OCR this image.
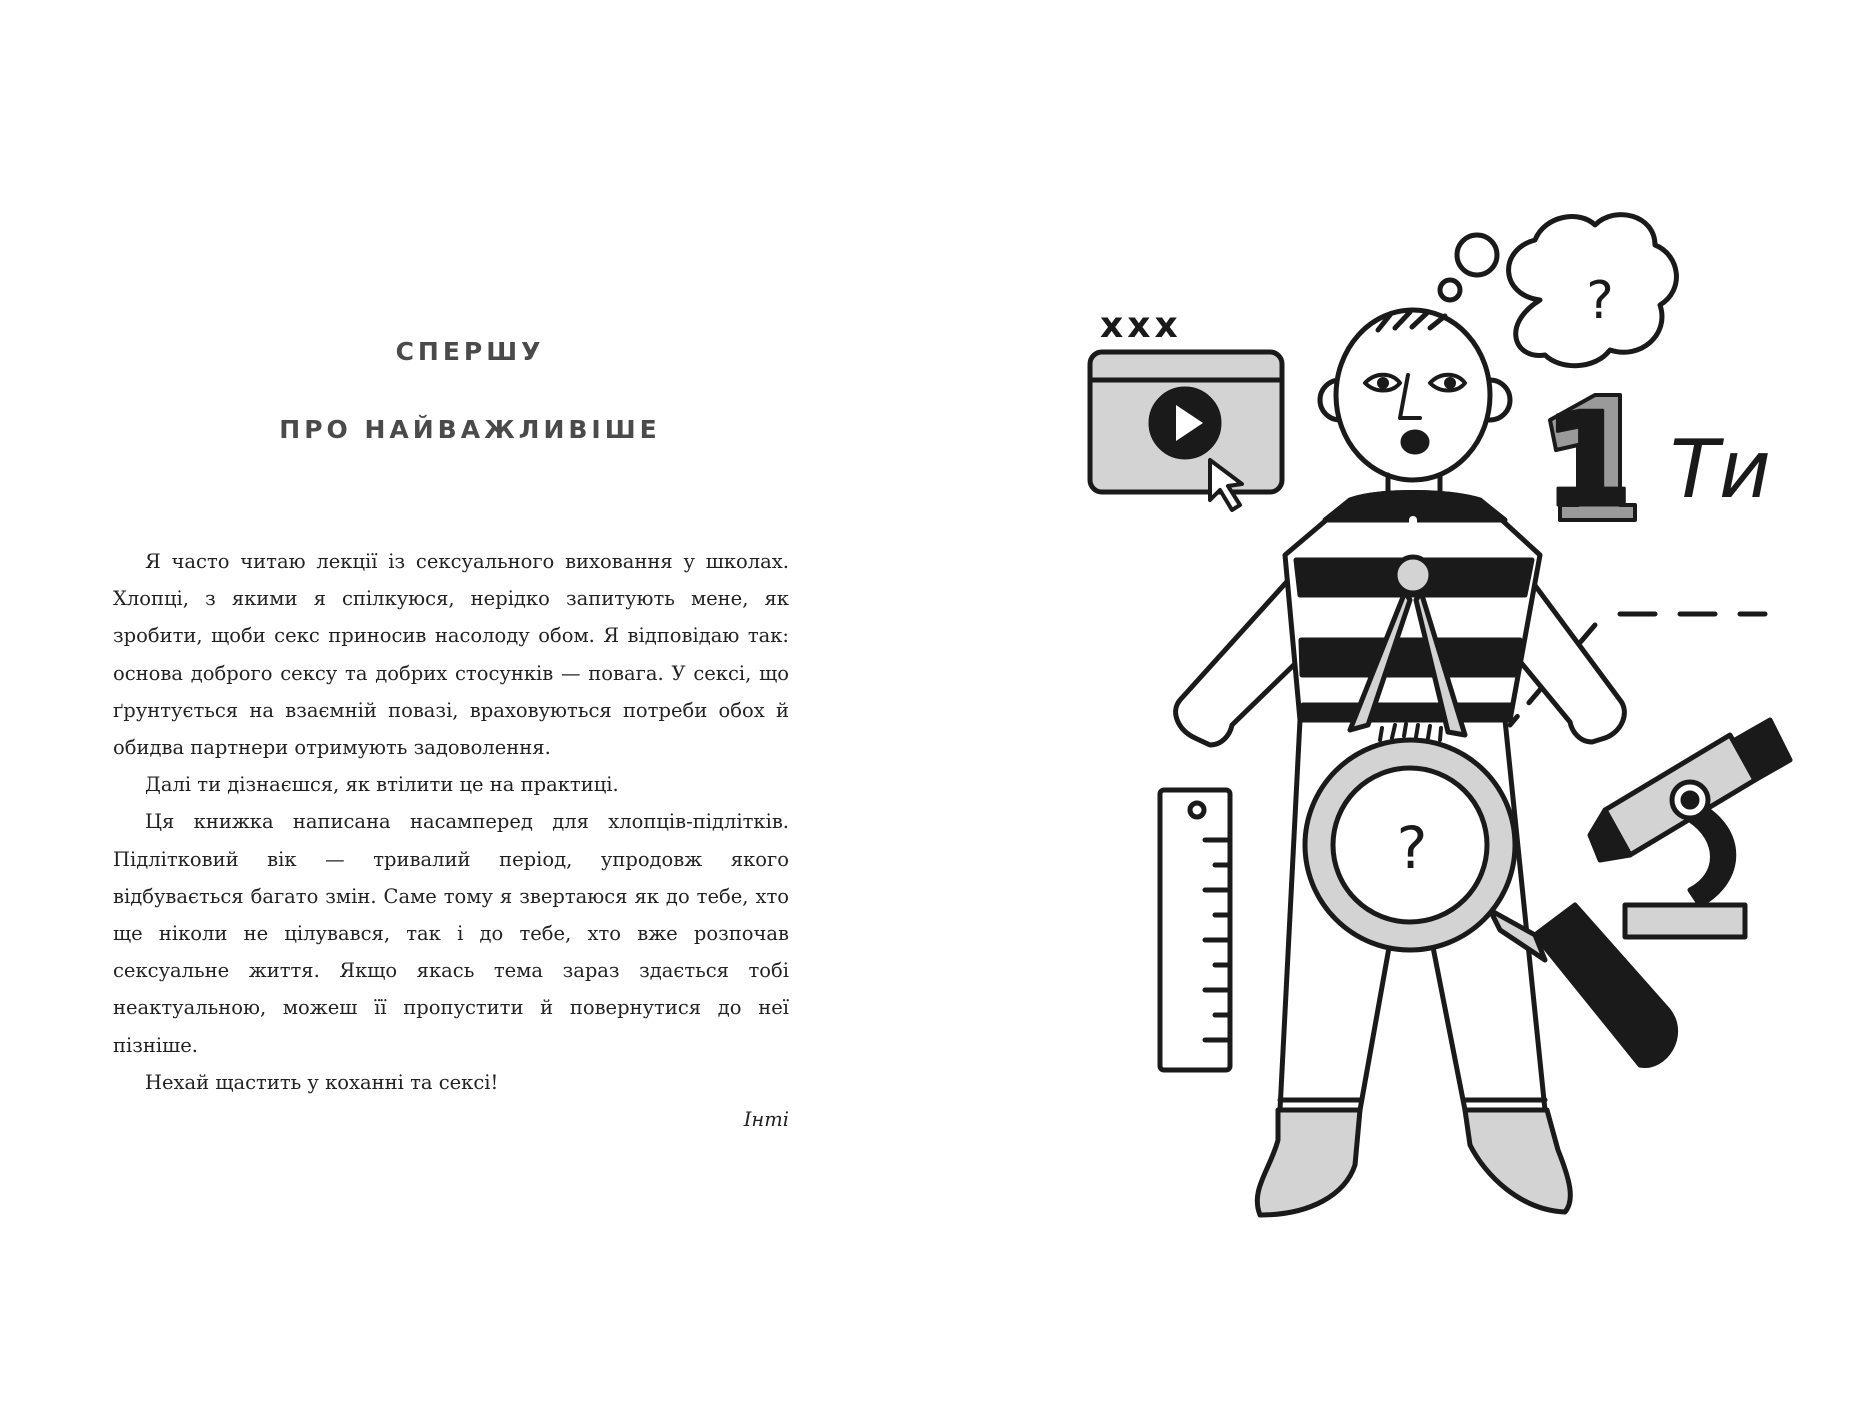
СПЕРШУ
ПРО НАЙВАЖЛИВІШЕ

Я часто читаю лекції із сексуального виховання у школах. Хлопці, з якими я спілкуюся, нерідко запитують мене, як зробити, щоби секс приносив насолоду обом. Я відповідаю так: основа доброго сексу та добрих стосунків — повага. У сексі, що ґрунтується на взаємній повазі, враховуються потреби обох й обидва партнери отримують задоволення.

Далі ти дізнаєшся, як втілити це на практиці.

Ця книжка написана насамперед для хлопців-підлітків. Підлітковий вік — тривалий період, упродовж якого відбувається багато змін. Саме тому я звертаюся як до тебе, хто ще ніколи не цілувався, так і до тебе, хто вже розпочав сексуальне життя. Якщо якась тема зараз здається тобі неактуальною, можеш її пропустити й повернутися до неї пізніше.

Нехай щастить у коханні та сексі!

Інті

?
ххх
1 Ти
?
